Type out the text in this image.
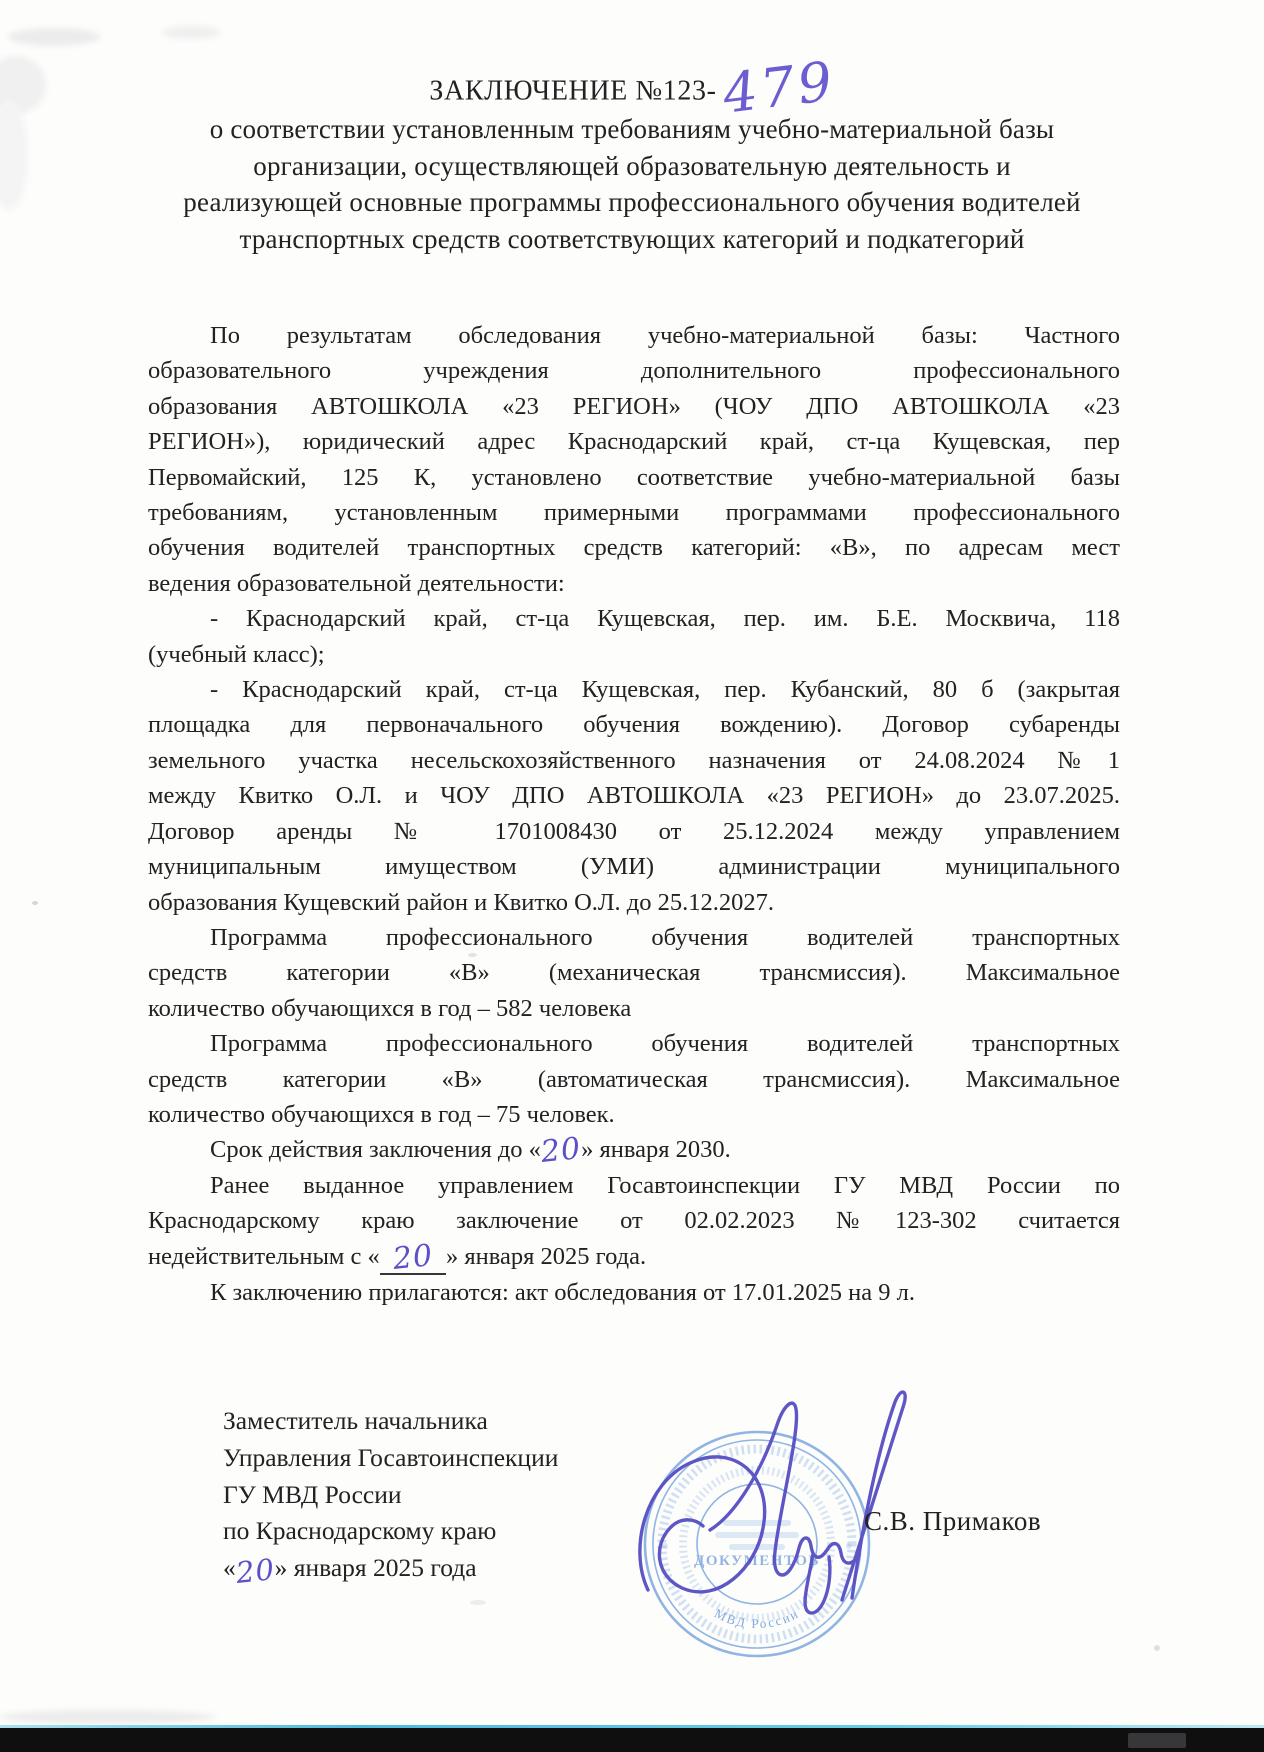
ЗАКЛЮЧЕНИЕ №123-479
о соответствии установленным требованиям учебно-материальной базы
организации, осуществляющей образовательную деятельность и
реализующей основные программы профессионального обучения водителей
транспортных средств соответствующих категорий и подкатегорий
По результатам обследования учебно-материальной базы: Частного
образовательного учреждения дополнительного профессионального
образования АВТОШКОЛА «23 РЕГИОН» (ЧОУ ДПО АВТОШКОЛА «23
РЕГИОН»), юридический адрес Краснодарский край, ст-ца Кущевская, пер
Первомайский, 125 К, установлено соответствие учебно-материальной базы
требованиям, установленным примерными программами профессионального
обучения водителей транспортных средств категорий: «В», по адресам мест
ведения образовательной деятельности:
- Краснодарский край, ст-ца Кущевская, пер. им. Б.Е. Москвича, 118
(учебный класс);
- Краснодарский край, ст-ца Кущевская, пер. Кубанский, 80 б (закрытая
площадка для первоначального обучения вождению). Договор субаренды
земельного участка несельскохозяйственного назначения от 24.08.2024 №1
между Квитко О.Л. и ЧОУ ДПО АВТОШКОЛА «23 РЕГИОН» до 23.07.2025.
Договор аренды № 1701008430 от 25.12.2024 между управлением
муниципальным имуществом (УМИ) администрации муниципального
образования Кущевский район и Квитко О.Л. до 25.12.2027.
Программа профессионального обучения водителей транспортных
средств категории «В» (механическая трансмиссия). Максимальное
количество обучающихся в год – 582 человека
Программа профессионального обучения водителей транспортных
средств категории «В» (автоматическая трансмиссия). Максимальное
количество обучающихся в год – 75 человек.
Срок действия заключения до «20» января 2030.
Ранее выданное управлением Госавтоинспекции ГУ МВД России по
Краснодарскому краю заключение от 02.02.2023 №123-302 считается
недействительным с « 20 » января 2025 года.
К заключению прилагаются: акт обследования от 17.01.2025 на 9 л.
Заместитель начальника
Управления Госавтоинспекции
ГУ МВД России
по Краснодарскому краю
«20» января 2025 года
МВД России
ДОКУМЕНТОВ
С.В. Примаков
